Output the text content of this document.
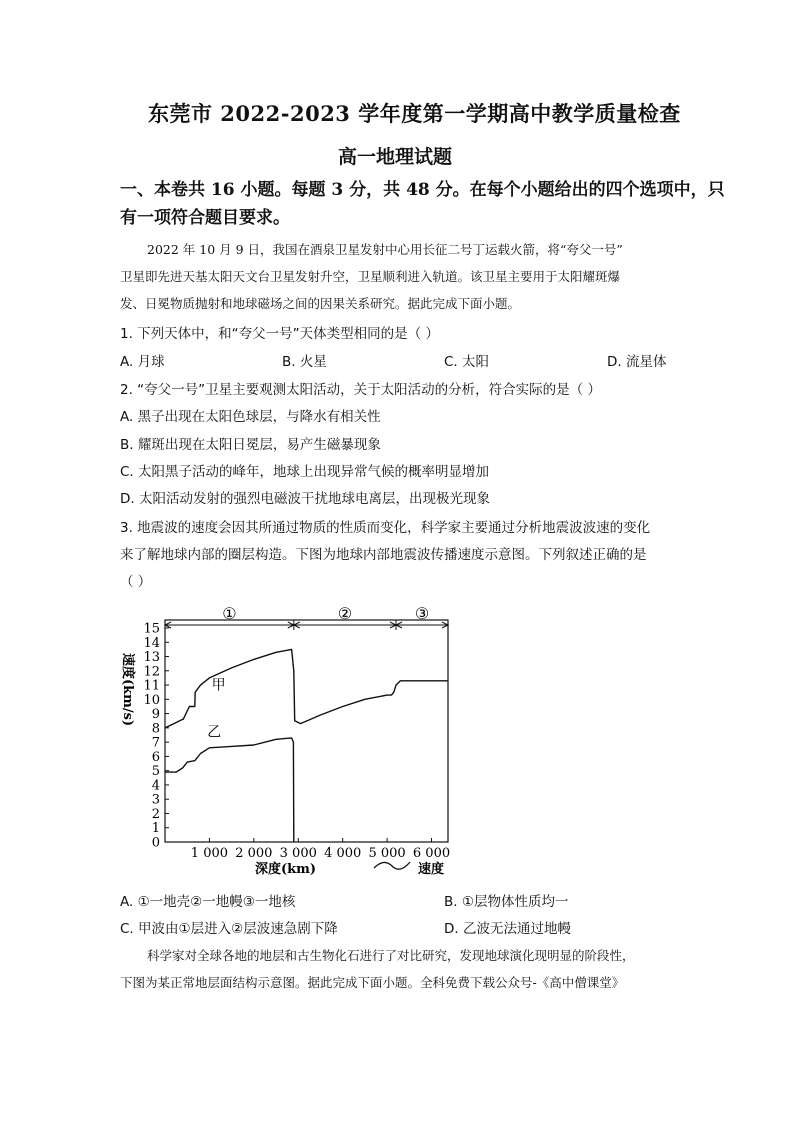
东莞市 2022-2023 学年度第一学期高中教学质量检查
高一地理试题
一、本卷共 16 小题。每题 3 分，共 48 分。在每个小题给出的四个选项中，只
有一项符合题目要求。
2022 年 10 月 9 日，我国在酒泉卫星发射中心用长征二号丁运载火箭，将“夸父一号”
卫星即先进天基太阳天文台卫星发射升空，卫星顺利进入轨道。该卫星主要用于太阳耀斑爆
发、日冕物质抛射和地球磁场之间的因果关系研究。据此完成下面小题。
1. 下列天体中，和“夸父一号”天体类型相同的是（ ）
A. 月球	B. 火星	C. 太阳	D. 流星体
2. “夸父一号”卫星主要观测太阳活动，关于太阳活动的分析，符合实际的是（ ）
A. 黑子出现在太阳色球层，与降水有相关性
B. 耀斑出现在太阳日冕层，易产生磁暴现象
C. 太阳黑子活动的峰年，地球上出现异常气候的概率明显增加
D. 太阳活动发射的强烈电磁波干扰地球电离层，出现极光现象
3. 地震波的速度会因其所通过物质的性质而变化，科学家主要通过分析地震波波速的变化
来了解地球内部的圈层构造。下图为地球内部地震波传播速度示意图。下列叙述正确的是
（ ）
速度(km/s)
深度(km)	速度
0
1
2
3
4
5
6
7
8
9
10
11
12
13
14
15
1 000 2 000 3 000 4 000 5 000 6 000
①	②	③
甲
乙
A. ①一地壳②一地幔③一地核	B. ①层物体性质均一
C. 甲波由①层进入②层波速急剧下降	D. 乙波无法通过地幔
科学家对全球各地的地层和古生物化石进行了对比研究，发现地球演化现明显的阶段性，
下图为某正常地层面结构示意图。据此完成下面小题。全科免费下载公众号-《高中僧课堂》
